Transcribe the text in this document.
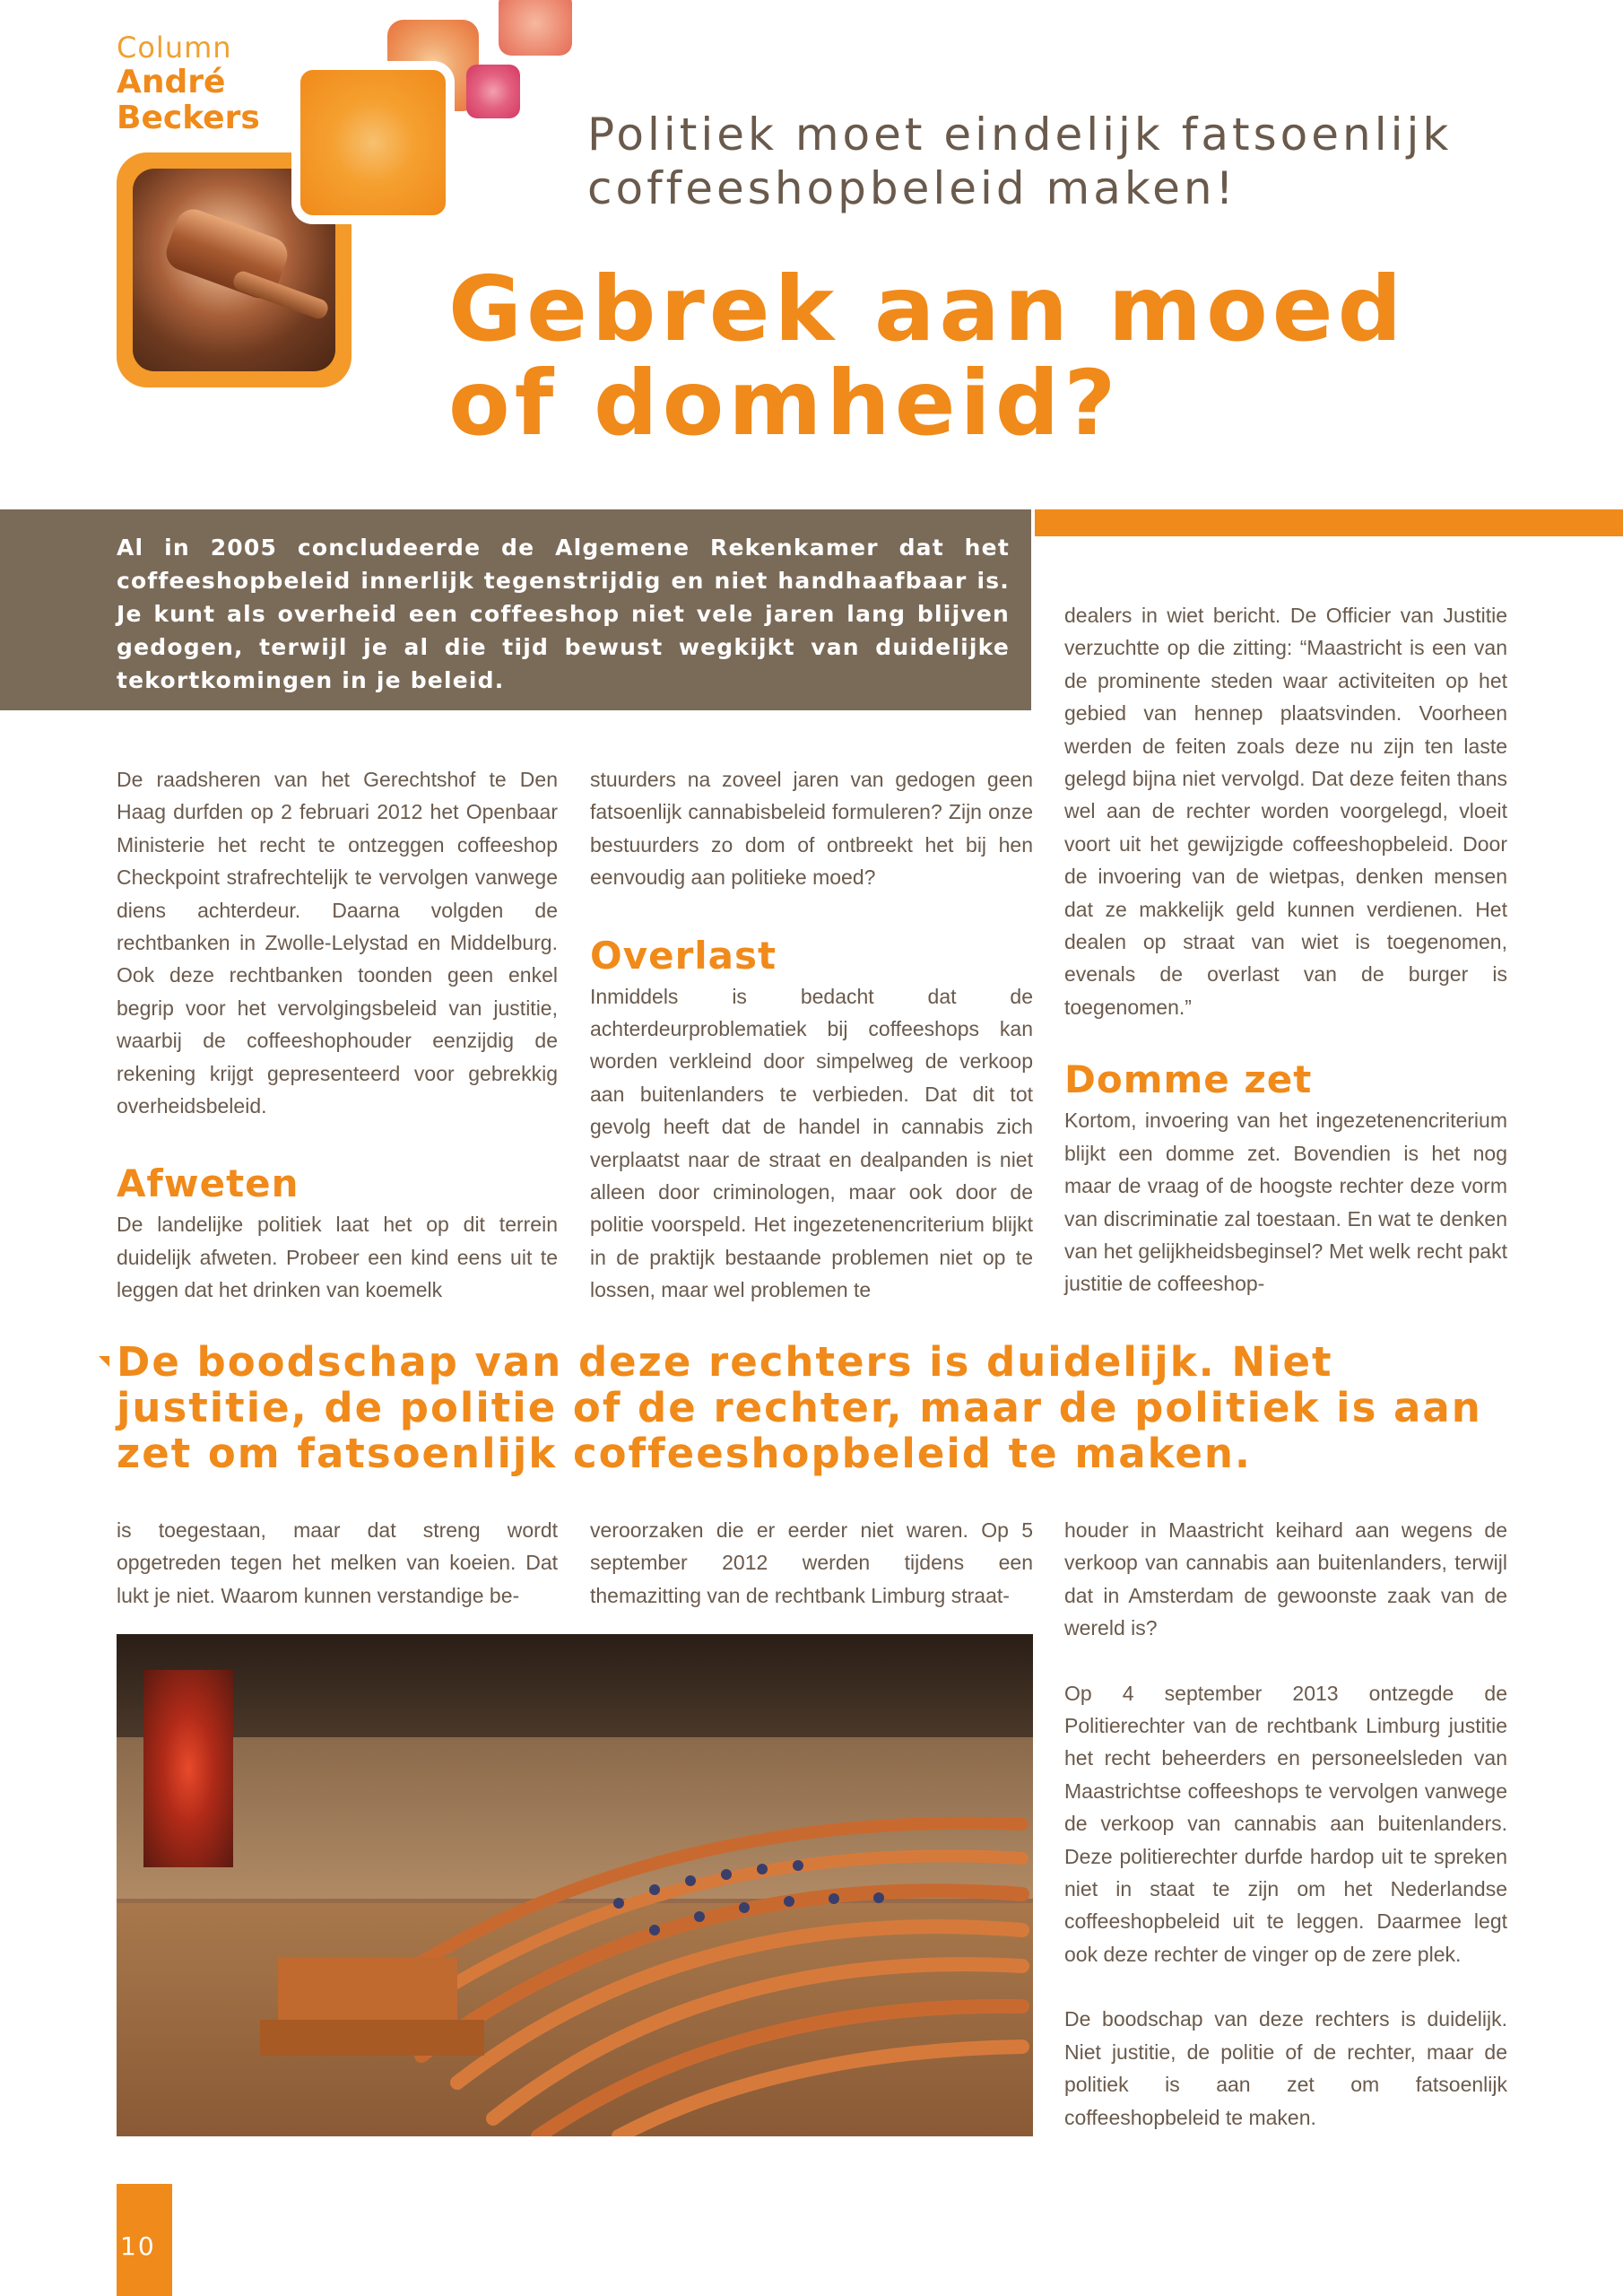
Column
André
Beckers	Politiek moet eindelijk fatsoenlijk coffeeshopbeleid maken!
Gebrek aan moed
of domheid?
Al in 2005 concludeerde de Algemene Rekenkamer dat het coffeeshopbeleid innerlijk tegenstrijdig en niet handhaafbaar is. Je kunt als overheid een coffeeshop niet vele jaren lang blijven gedogen, terwijl je al die tijd bewust wegkijkt van duidelijke tekortkomingen in je beleid.

De raadsheren van het Gerechtshof te Den Haag durfden op 2 februari 2012 het Openbaar Ministerie het recht te ontzeggen coffeeshop Checkpoint strafrechtelijk te vervolgen vanwege diens achterdeur. Daarna volgden de rechtbanken in Zwolle-Lelystad en Middelburg. Ook deze rechtbanken toonden geen enkel begrip voor het vervolgingsbeleid van justitie, waarbij de coffeeshophouder eenzijdig de rekening krijgt gepresenteerd voor gebrekkig overheidsbeleid.

Afweten

De landelijke politiek laat het op dit terrein duidelijk afweten. Probeer een kind eens uit te leggen dat het drinken van koemelk

stuurders na zoveel jaren van gedogen geen fatsoenlijk cannabisbeleid formuleren? Zijn onze bestuurders zo dom of ontbreekt het bij hen eenvoudig aan politieke moed?

Overlast

Inmiddels is bedacht dat de achterdeurproblematiek bij coffeeshops kan worden verkleind door simpelweg de verkoop aan buitenlanders te verbieden. Dat dit tot gevolg heeft dat de handel in cannabis zich verplaatst naar de straat en dealpanden is niet alleen door criminologen, maar ook door de politie voorspeld. Het ingezetenencriterium blijkt in de praktijk bestaande problemen niet op te lossen, maar wel problemen te

dealers in wiet bericht. De Officier van Justitie verzuchtte op die zitting: “Maastricht is een van de prominente steden waar activiteiten op het gebied van hennep plaatsvinden. Voorheen werden de feiten zoals deze nu zijn ten laste gelegd bijna niet vervolgd. Dat deze feiten thans wel aan de rechter worden voorgelegd, vloeit voort uit het gewijzigde coffeeshopbeleid. Door de invoering van de wietpas, denken mensen dat ze makkelijk geld kunnen verdienen. Het dealen op straat van wiet is toegenomen, evenals de overlast van de burger is toegenomen.”

Domme zet

Kortom, invoering van het ingezetenencriterium blijkt een domme zet. Bovendien is het nog maar de vraag of de hoogste rechter deze vorm van discriminatie zal toestaan. En wat te denken van het gelijkheidsbeginsel? Met welk recht pakt justitie de coffeeshop-

De boodschap van deze rechters is duidelijk. Niet justitie, de politie of de rechter, maar de politiek is aan zet om fatsoenlijk coffeeshopbeleid te maken.

is toegestaan, maar dat streng wordt opgetreden tegen het melken van koeien. Dat lukt je niet. Waarom kunnen verstandige be-

veroorzaken die er eerder niet waren. Op 5 september 2012 werden tijdens een themazitting van de rechtbank Limburg straat-

houder in Maastricht keihard aan wegens de verkoop van cannabis aan buitenlanders, terwijl dat in Amsterdam de gewoonste zaak van de wereld is?

Op 4 september 2013 ontzegde de Politierechter van de rechtbank Limburg justitie het recht beheerders en personeelsleden van Maastrichtse coffeeshops te vervolgen vanwege de verkoop van cannabis aan buitenlanders. Deze politierechter durfde hardop uit te spreken niet in staat te zijn om het Nederlandse coffeeshopbeleid uit te leggen. Daarmee legt ook deze rechter de vinger op de zere plek.

De boodschap van deze rechters is duidelijk. Niet justitie, de politie of de rechter, maar de politiek is aan zet om fatsoenlijk coffeeshopbeleid te maken.

10
